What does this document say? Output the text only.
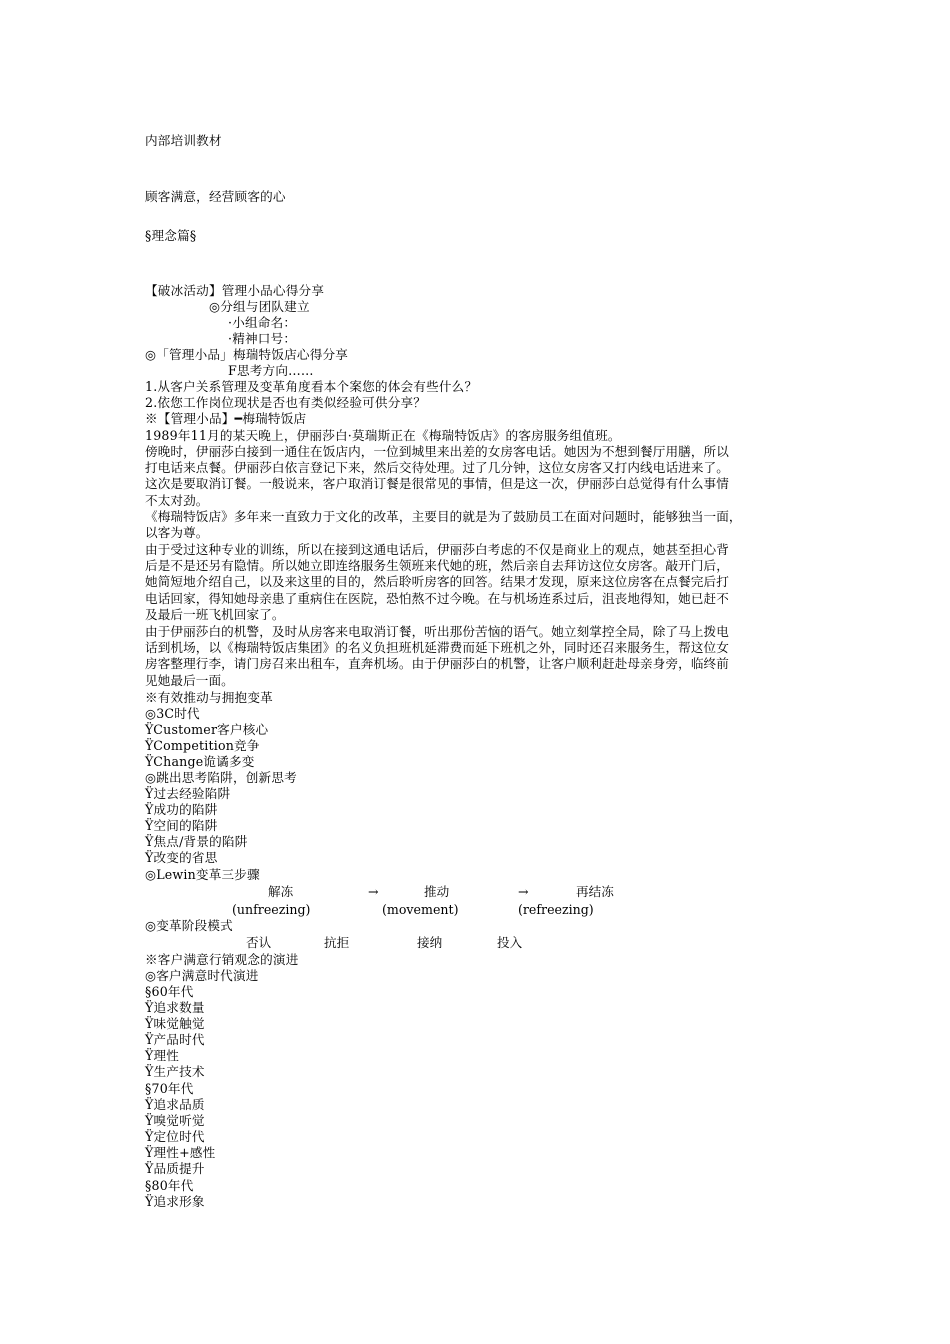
内部培训教材
顾客满意，经营顾客的心
§理念篇§
【破冰活动】管理小品心得分享
◎分组与团队建立
·小组命名：
·精神口号：
◎「管理小品」梅瑞特饭店心得分享
F思考方向……
1.从客户关系管理及变革角度看本个案您的体会有些什么？
2.依您工作岗位现状是否也有类似经验可供分享？
※【管理小品】━梅瑞特饭店
1989年11月的某天晚上，伊丽莎白·莫瑞斯正在《梅瑞特饭店》的客房服务组值班。
傍晚时，伊丽莎白接到一通住在饭店内，一位到城里来出差的女房客电话。她因为不想到餐厅用膳，所以
打电话来点餐。伊丽莎白依言登记下来，然后交待处理。过了几分钟，这位女房客又打内线电话进来了。
这次是要取消订餐。一般说来，客户取消订餐是很常见的事情，但是这一次，伊丽莎白总觉得有什么事情
不太对劲。
《梅瑞特饭店》多年来一直致力于文化的改革，主要目的就是为了鼓励员工在面对问题时，能够独当一面，
以客为尊。
由于受过这种专业的训练，所以在接到这通电话后，伊丽莎白考虑的不仅是商业上的观点，她甚至担心背
后是不是还另有隐情。所以她立即连络服务生领班来代她的班，然后亲自去拜访这位女房客。敲开门后，
她简短地介绍自己，以及来这里的目的，然后聆听房客的回答。结果才发现，原来这位房客在点餐完后打
电话回家，得知她母亲患了重病住在医院，恐怕熬不过今晚。在与机场连系过后，沮丧地得知，她已赶不
及最后一班飞机回家了。
由于伊丽莎白的机警，及时从房客来电取消订餐，听出那份苦恼的语气。她立刻掌控全局，除了马上拨电
话到机场，以《梅瑞特饭店集团》的名义负担班机延滞费而延下班机之外，同时还召来服务生，帮这位女
房客整理行李，请门房召来出租车，直奔机场。由于伊丽莎白的机警，让客户顺利赶赴母亲身旁，临终前
见她最后一面。
※有效推动与拥抱变革
◎3C时代
ŸCustomer客户核心
ŸCompetition竞争
ŸChange诡谲多变
◎跳出思考陷阱，创新思考
Ÿ过去经验陷阱
Ÿ成功的陷阱
Ÿ空间的陷阱
Ÿ焦点/背景的陷阱
Ÿ改变的省思
◎Lewin变革三步骤
解冻	→	推动	→	再结冻
(unfreezing)	(movement)	(refreezing)
◎变革阶段模式
否认	抗拒	接纳	投入
※客户满意行销观念的演进
◎客户满意时代演进
§60年代
Ÿ追求数量
Ÿ味觉触觉
Ÿ产品时代
Ÿ理性
Ÿ生产技术
§70年代
Ÿ追求品质
Ÿ嗅觉听觉
Ÿ定位时代
Ÿ理性+感性
Ÿ品质提升
§80年代
Ÿ追求形象
